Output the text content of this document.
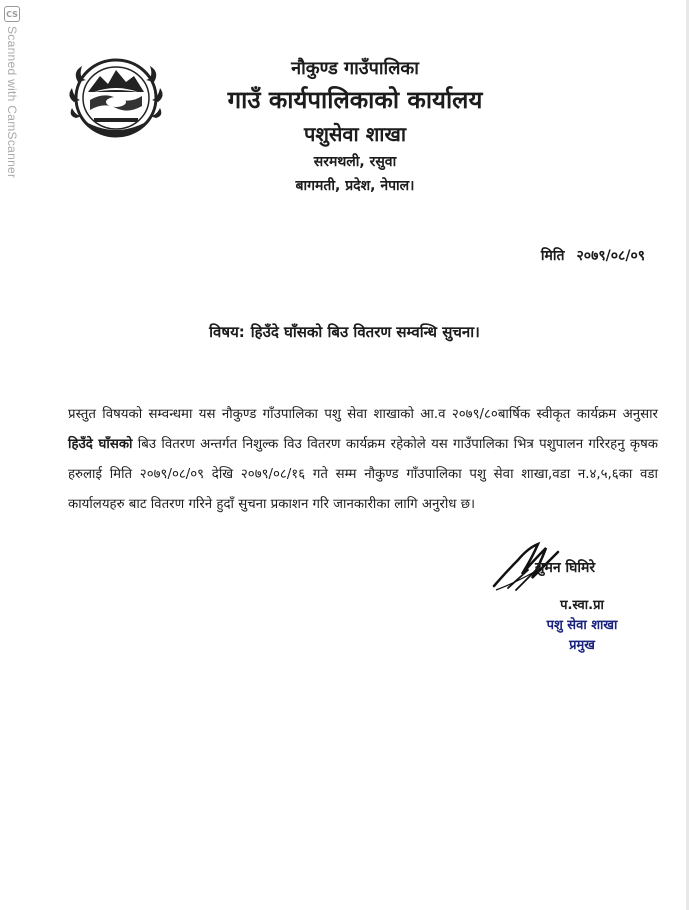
CS
Scanned with CamScanner	नौकुण्ड गाउँपालिका
गाउँ कार्यपालिकाको कार्यालय
पशुसेवा शाखा
सरमथली, रसुवा
बागमती, प्रदेश, नेपाल।
मिति २०७९/०८/०९
विषय: हिउँदे घाँसको बिउ वितरण सम्वन्धि सुचना।
प्रस्तुत विषयको सम्वन्धमा यस नौकुण्ड गाँउपालिका पशु सेवा शाखाको आ.व २०७९/८०बार्षिक स्वीकृत कार्यक्रम अनुसार हिउँदे घाँसको बिउ वितरण अन्तर्गत निशुल्क विउ वितरण कार्यक्रम रहेकोले यस गाउँपालिका भित्र पशुपालन गरिरहनु कृषक हरुलाई मिति २०७९/०८/०९ देखि २०७९/०८/१६ गते सम्म नौकुण्ड गाँउपालिका पशु सेवा शाखा,वडा न.४,५,६का वडा कार्यालयहरु बाट वितरण गरिने हुदाँ सुचना प्रकाशन गरि जानकारीका लागि अनुरोध छ।
सुमन घिमिरे
प.स्वा.प्रा
पशु सेवा शाखा प्रमुख
